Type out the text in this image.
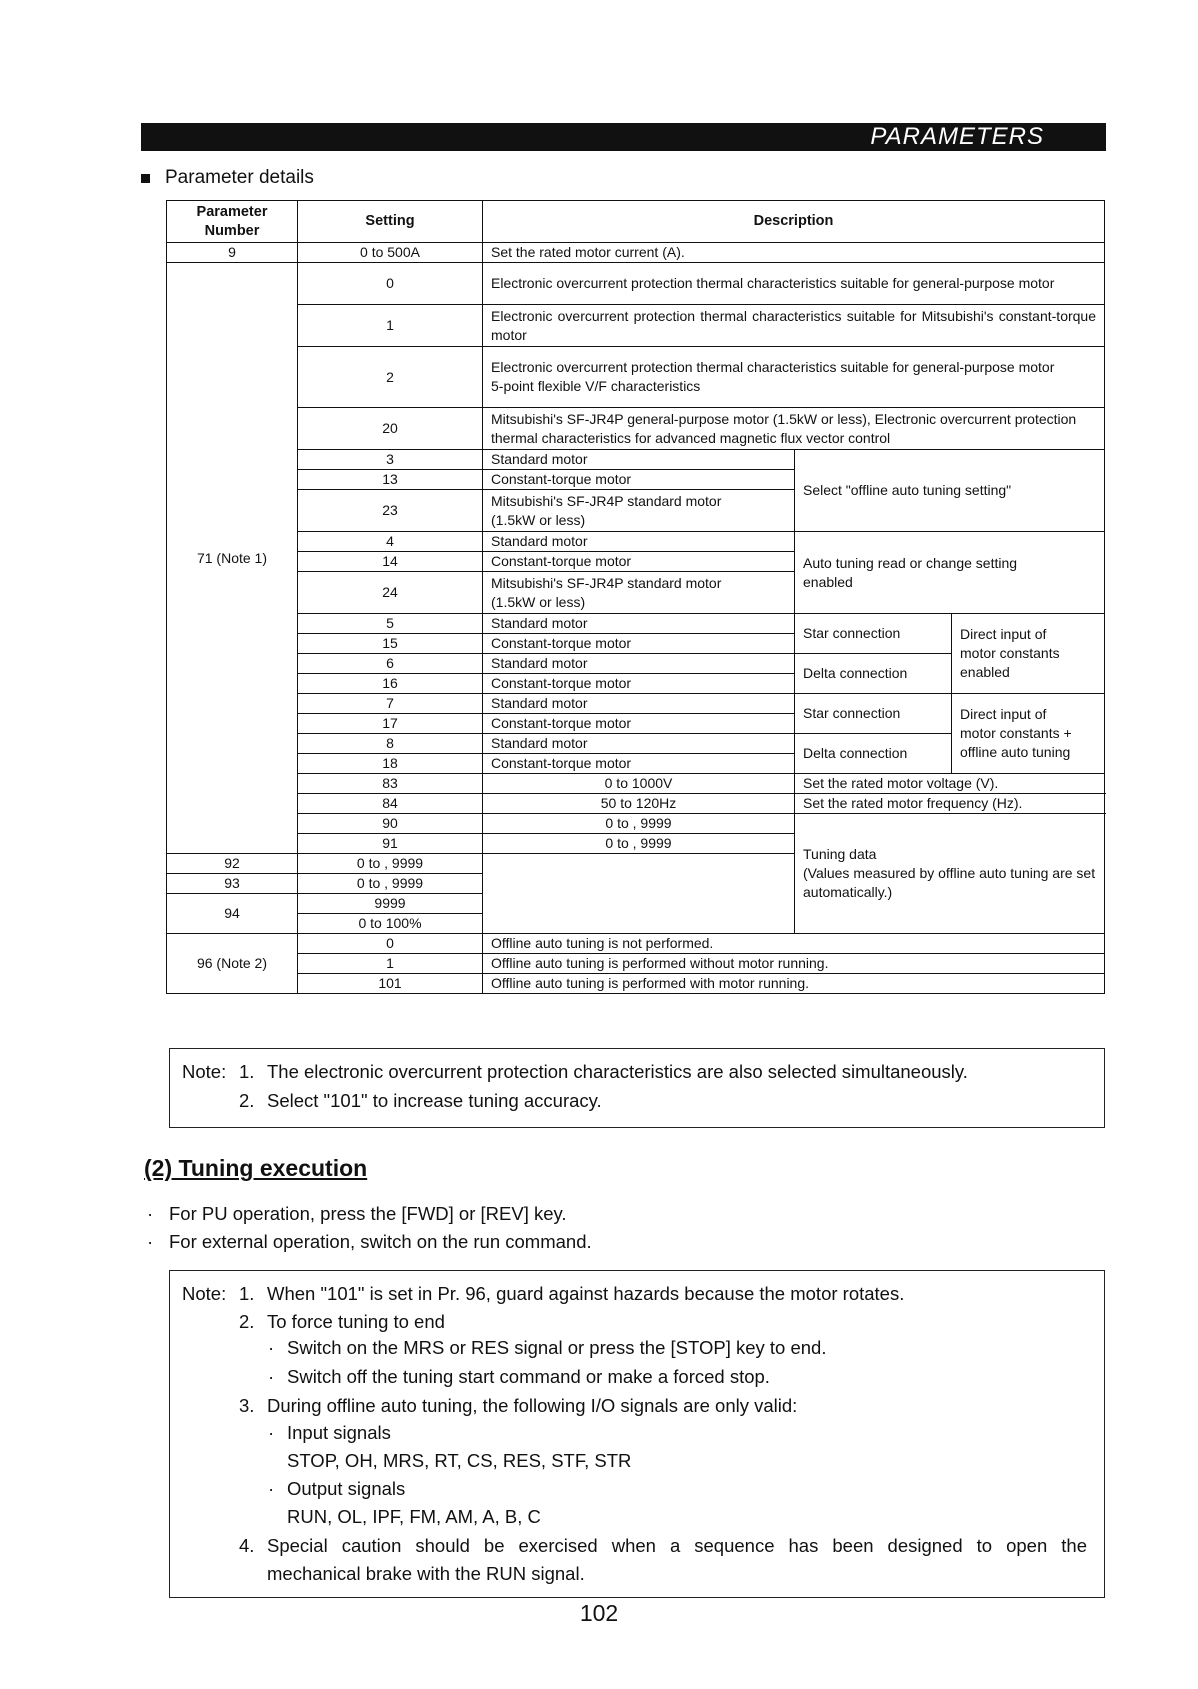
PARAMETERS
Parameter details
Parameter
Number	Setting	Description		
9	0 to 500A	Set the rated motor current (A).		
71 (Note 1)	0	Electronic overcurrent protection thermal characteristics suitable for general-purpose motor		
	1	Electronic overcurrent protection thermal characteristics suitable for Mitsubishi's constant-torque motor		
	2	Electronic overcurrent protection thermal characteristics suitable for general-purpose motor
5-point flexible V/F characteristics		
	20	Mitsubishi's SF-JR4P general-purpose motor (1.5kW or less), Electronic overcurrent protection thermal characteristics for advanced magnetic flux vector control		
	3	Standard motor	Select "offline auto tuning setting"	
	13	Constant-torque motor		
	23	Mitsubishi's SF-JR4P standard motor
(1.5kW or less)		
	4	Standard motor	Auto tuning read or change setting
enabled	
	14	Constant-torque motor		
	24	Mitsubishi's SF-JR4P standard motor
(1.5kW or less)		
	5	Standard motor	Star connection	Direct input of
motor constants
enabled
	15	Constant-torque motor		
	6	Standard motor	Delta connection	
	16	Constant-torque motor		
	7	Standard motor	Star connection	Direct input of
motor constants +
offline auto tuning
	17	Constant-torque motor		
	8	Standard motor	Delta connection	
	18	Constant-torque motor		
	83	0 to 1000V	Set the rated motor voltage (V).	
	84	50 to 120Hz	Set the rated motor frequency (Hz).	
	90	0 to , 9999	Tuning data
(Values measured by offline auto tuning are set automatically.)	
	91	0 to , 9999		
92	0 to , 9999			
93	0 to , 9999			
94	9999			
	0 to 100%			
96 (Note 2)	0	Offline auto tuning is not performed.		
	1	Offline auto tuning is performed without motor running.		
	101	Offline auto tuning is performed with motor running.		
Note: 1. The electronic overcurrent protection characteristics are also selected simultaneously.
2. Select "101" to increase tuning accuracy.
(2) Tuning execution
· For PU operation, press the [FWD] or [REV] key.
· For external operation, switch on the run command.
Note: 1. When "101" is set in Pr. 96, guard against hazards because the motor rotates.
2. To force tuning to end
· Switch on the MRS or RES signal or press the [STOP] key to end.
· Switch off the tuning start command or make a forced stop.
3. During offline auto tuning, the following I/O signals are only valid:
· Input signals
STOP, OH, MRS, RT, CS, RES, STF, STR
· Output signals
RUN, OL, IPF, FM, AM, A, B, C
4. Special caution should be exercised when a sequence has been designed to open the
mechanical brake with the RUN signal.
102
